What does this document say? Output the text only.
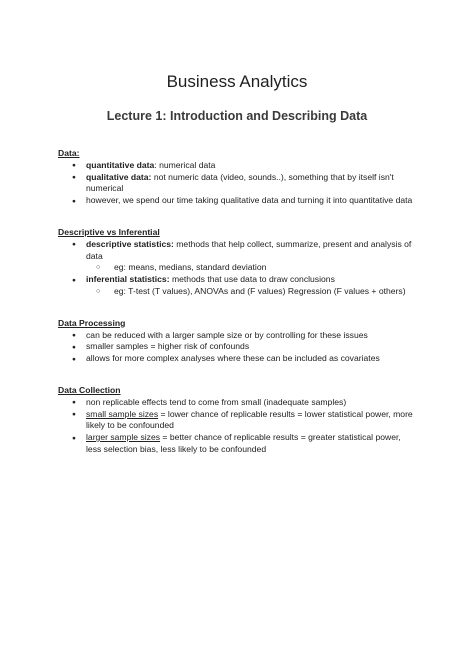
Business Analytics
Lecture 1: Introduction and Describing Data

Data:

● quantitative data: numerical data
● qualitative data: not numeric data (video, sounds..), something that by itself isn't numerical
● however, we spend our time taking qualitative data and turning it into quantitative data

Descriptive vs Inferential

● descriptive statistics: methods that help collect, summarize, present and analysis of data
○ eg: means, medians, standard deviation
● inferential statistics: methods that use data to draw conclusions
○ eg: T-test (T values), ANOVAs and (F values) Regression (F values + others)

Data Processing

● can be reduced with a larger sample size or by controlling for these issues
● smaller samples = higher risk of confounds
● allows for more complex analyses where these can be included as covariates

Data Collection

● non replicable effects tend to come from small (inadequate samples)
● small sample sizes = lower chance of replicable results = lower statistical power, more likely to be confounded
● larger sample sizes = better chance of replicable results = greater statistical power, less selection bias, less likely to be confounded
